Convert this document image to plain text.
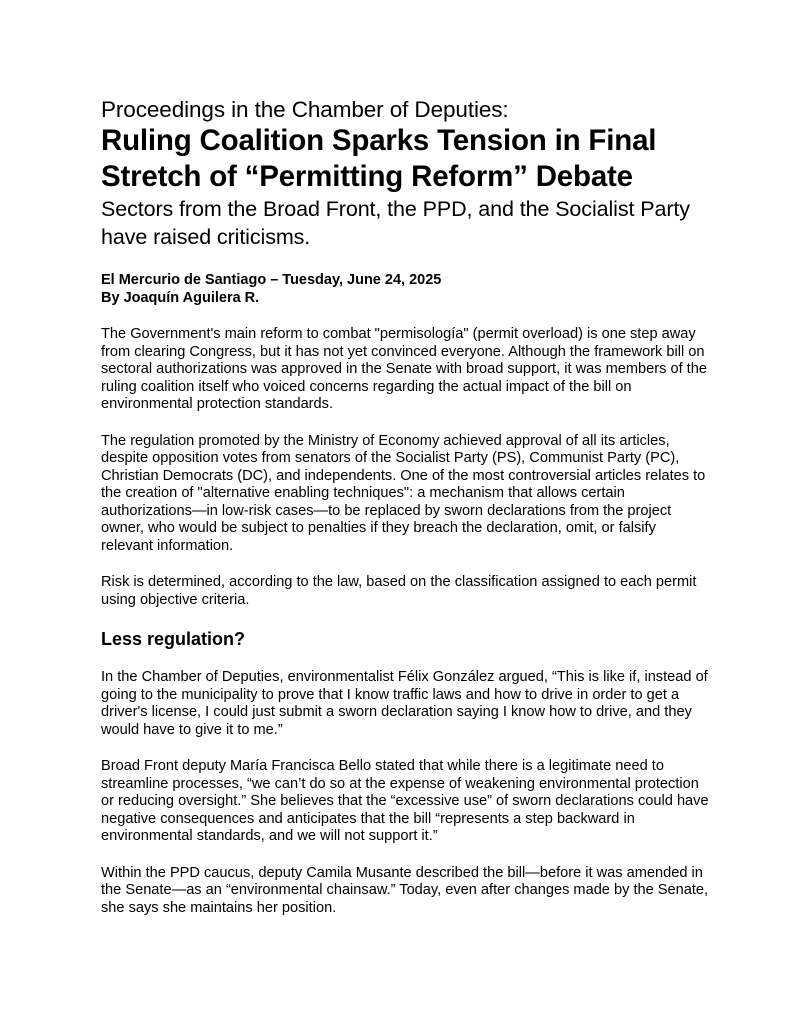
Proceedings in the Chamber of Deputies:
Ruling Coalition Sparks Tension in Final
Stretch of “Permitting Reform” Debate

Sectors from the Broad Front, the PPD, and the Socialist Party have raised criticisms.

El Mercurio de Santiago – Tuesday, June 24, 2025
By Joaquín Aguilera R.

The Government's main reform to combat "permisología" (permit overload) is one step away from clearing Congress, but it has not yet convinced everyone. Although the framework bill on sectoral authorizations was approved in the Senate with broad support, it was members of the ruling coalition itself who voiced concerns regarding the actual impact of the bill on environmental protection standards.

The regulation promoted by the Ministry of Economy achieved approval of all its articles, despite opposition votes from senators of the Socialist Party (PS), Communist Party (PC), Christian Democrats (DC), and independents. One of the most controversial articles relates to the creation of "alternative enabling techniques": a mechanism that allows certain authorizations—in low-risk cases—to be replaced by sworn declarations from the project owner, who would be subject to penalties if they breach the declaration, omit, or falsify relevant information.

Risk is determined, according to the law, based on the classification assigned to each permit using objective criteria.

Less regulation?

In the Chamber of Deputies, environmentalist Félix González argued, “This is like if, instead of going to the municipality to prove that I know traffic laws and how to drive in order to get a driver's license, I could just submit a sworn declaration saying I know how to drive, and they would have to give it to me.”

Broad Front deputy María Francisca Bello stated that while there is a legitimate need to streamline processes, “we can’t do so at the expense of weakening environmental protection or reducing oversight.” She believes that the “excessive use” of sworn declarations could have negative consequences and anticipates that the bill “represents a step backward in environmental standards, and we will not support it.”

Within the PPD caucus, deputy Camila Musante described the bill—before it was amended in the Senate—as an “environmental chainsaw.” Today, even after changes made by the Senate, she says she maintains her position.
